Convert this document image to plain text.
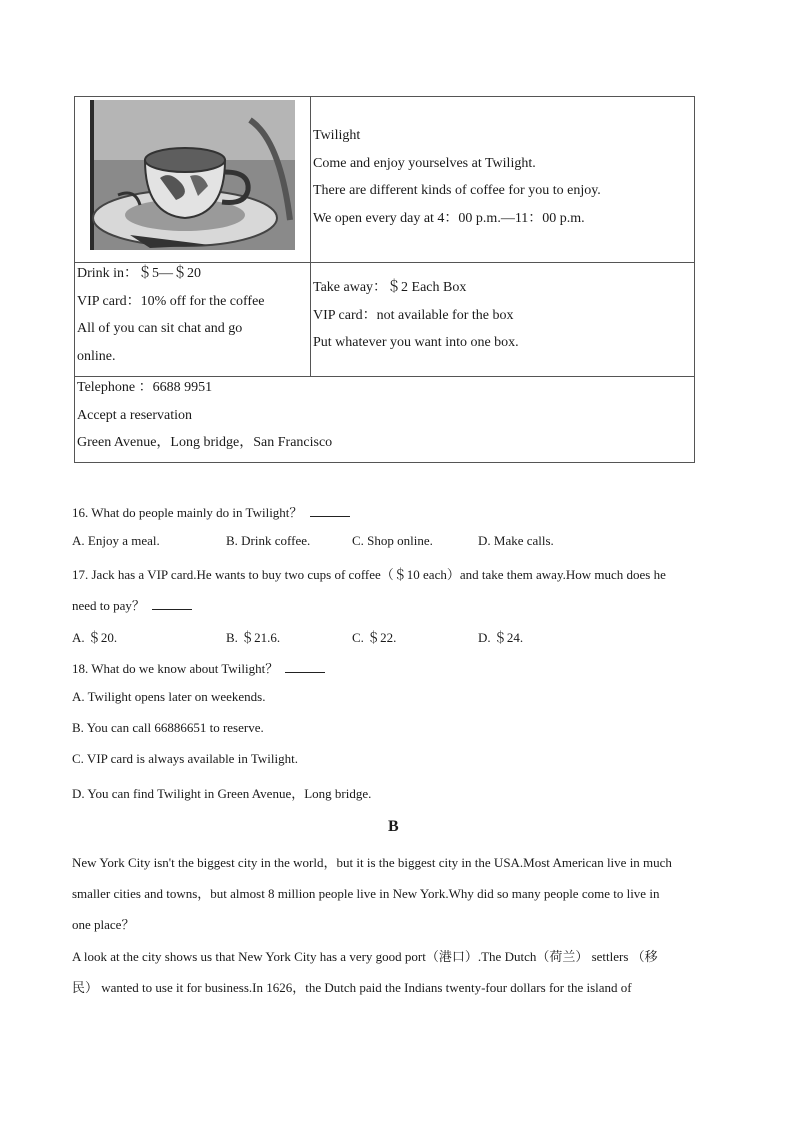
Twilight
Come and enjoy yourselves at Twilight.
There are different kinds of coffee for you to enjoy.
We open every day at 4：00 p.m.—11：00 p.m.
Drink in：＄5—＄20
VIP card：10% off for the coffee
All of you can sit chat and go
online.
Take away：＄2 Each Box
VIP card：not available for the box
Put whatever you want into one box.
Telephone ：6688 9951
Accept a reservation
Green Avenue，Long bridge，San Francisco
16. What do people mainly do in Twilight？
A. Enjoy a meal.	B. Drink coffee.	C. Shop online.	D. Make calls.
17. Jack has a VIP card.He wants to buy two cups of coffee（＄10 each）and take them away.How much does he
need to pay？
A. ＄20.	B. ＄21.6.	C. ＄22.	D. ＄24.
18. What do we know about Twilight？
A. Twilight opens later on weekends.
B. You can call 66886651 to reserve.
C. VIP card is always available in Twilight.
D. You can find Twilight in Green Avenue，Long bridge.
B
New York City isn't the biggest city in the world，but it is the biggest city in the USA.Most American live in much
smaller cities and towns，but almost 8 million people live in New York.Why did so many people come to live in
one place？
A look at the city shows us that New York City has a very good port（港口）.The Dutch（荷兰） settlers （移
民） wanted to use it for business.In 1626，the Dutch paid the Indians twenty-four dollars for the island of
